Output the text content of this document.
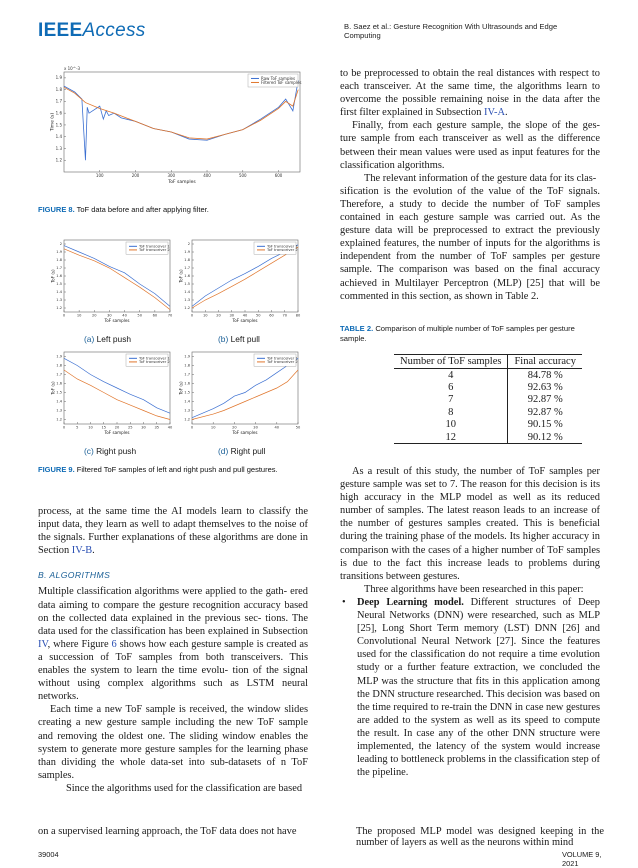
IEEEAccess	B. Saez et al.: Gesture Recognition With Ultrasounds and Edge Computing
100	200	300	400	500	600
1.2
1.3
1.4
1.5
1.6
1.7
1.8
1.9
ToF samples
Time (s)
x 10^-3
Raw ToF samples
Filtered ToF samples
FIGURE 8. ToF data before and after applying filter.
0	10	20	30	40	50	60	70
1.2
1.3
1.4
1.5
1.6
1.7
1.8
1.9
2
ToF samples
ToF (s)
ToF transceiver 1
ToF transceiver 2
0	10 20 30 40 50 60 70 80
1.2
1.3
1.4
1.5
1.6
1.7
1.8
1.9
2
ToF samples
ToF (s)
ToF transceiver 1
ToF transceiver 2
(a) Left push	(b) Left pull
0	5	10 15 20 25 30 35 40
1.2
1.3
1.4
1.5
1.6
1.7
1.8
1.9
ToF samples
ToF (s)
ToF transceiver 1
ToF transceiver 2
0	10	20	30	40	50
1.2
1.3
1.4
1.5
1.6
1.7
1.8
1.9
ToF samples
ToF (s)
ToF transceiver 1
ToF transceiver 2
(c) Right push	(d) Right pull
FIGURE 9. Filtered ToF samples of left and right push and pull gestures.

process, at the same time the AI models learn to classify the input data, they learn as well to adapt themselves to the noise of the signals. Further explanations of these algorithms are done in Section IV-B.

B. ALGORITHMS

Multiple classification algorithms were applied to the gath- ered data aiming to compare the gesture recognition accuracy based on the collected data explained in the previous sec- tions. The data used for the classification has been explained in Subsection IV, where Figure 6 shows how each gesture sample is created as a succession of ToF samples from both transceivers. This enables the system to learn the time evolu- tion of the signal without using complex algorithms such as LSTM neural networks.

Each time a new ToF sample is received, the window slides creating a new gesture sample including the new ToF sample and removing the oldest one. The sliding window enables the system to generate more gesture samples for the learning phase than dividing the whole data-set into sub-datasets of n ToF samples.

Since the algorithms used for the classification are based

on a supervised learning approach, the ToF data does not have

to be preprocessed to obtain the real distances with respect to each transceiver. At the same time, the algorithms learn to overcome the possible remaining noise in the data after the first filter explained in Subsection IV-A.

Finally, from each gesture sample, the slope of the ges- ture sample from each transceiver as well as the difference between their mean values were used as input features for the classification algorithms.

The relevant information of the gesture data for its clas-

sification is the evolution of the value of the ToF signals. Therefore, a study to decide the number of ToF samples contained in each gesture sample was carried out. As the gesture data will be preprocessed to extract the previously explained features, the number of inputs for the algorithms is independent from the number of ToF samples per gesture sample. The comparison was based on the final accuracy achieved in Multilayer Perceptron (MLP) [25] that will be commented in this section, as shown in Table 2.

TABLE 2. Comparison of multiple number of ToF samples per gesture sample.
Number of ToF samples	Final accuracy
4	84.78 %
6	92.63 %
7	92.87 %
8	92.87 %
10	90.15 %
12	90.12 %

As a result of this study, the number of ToF samples per gesture sample was set to 7. The reason for this decision is its high accuracy in the MLP model as well as its reduced number of samples. The latest reason leads to an increase of the number of gestures samples created. This is beneficial during the training phase of the models. Its higher accuracy in comparison with the cases of a higher number of ToF samples is due to the fact this increase leads to problems during transitions between gestures.

Three algorithms have been researched in this paper:

• Deep Learning model. Different structures of Deep Neural Networks (DNN) were researched, such as MLP [25], Long Short Term memory (LST) DNN [26] and Convolutional Neural Network [27]. Since the features used for the classification do not require a time evolution study or a further feature extraction, we concluded the MLP was the structure that fits in this application among the DNN structure researched. This decision was based on the time required to re-train the DNN in case new gestures are added to the system as well as its speed to compute the result. In case any of the other DNN structure were implemented, the latency of the system would increase leading to bottleneck problems in the classification step of the pipeline.
The proposed MLP model was designed keeping in the number of layers as well as the neurons within mind
39004	VOLUME 9,
2021
